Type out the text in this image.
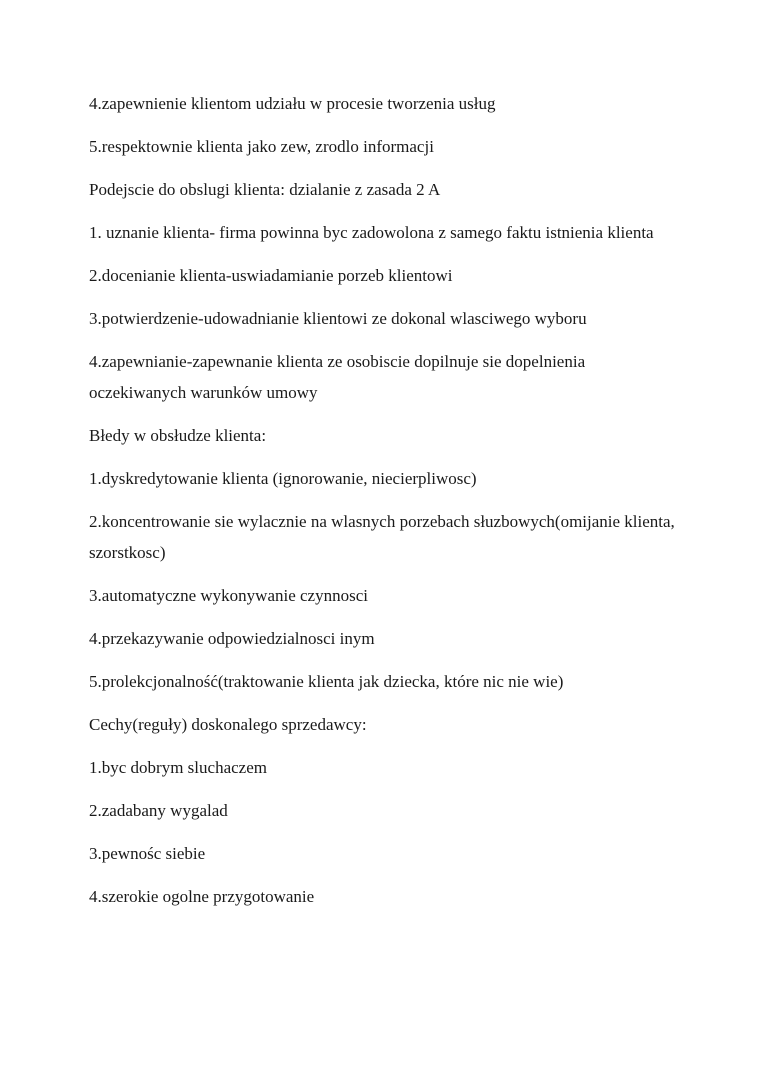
4.zapewnienie klientom udziału w procesie tworzenia usług

5.respektownie klienta jako zew, zrodlo informacji

Podejscie do obslugi klienta: dzialanie z zasada 2 A

1. uznanie klienta- firma powinna byc zadowolona z samego faktu istnienia klienta

2.docenianie klienta-uswiadamianie porzeb klientowi

3.potwierdzenie-udowadnianie klientowi ze dokonal wlasciwego wyboru

4.zapewnianie-zapewnanie klienta ze osobiscie dopilnuje sie dopelnienia oczekiwanych warunków umowy

Błedy w obsłudze klienta:

1.dyskredytowanie klienta (ignorowanie, niecierpliwosc)

2.koncentrowanie sie wylacznie na wlasnych porzebach słuzbowych(omijanie klienta, szorstkosc)

3.automatyczne wykonywanie czynnosci

4.przekazywanie odpowiedzialnosci inym

5.prolekcjonalność(traktowanie klienta jak dziecka, które nic nie wie)

Cechy(reguły) doskonalego sprzedawcy:

1.byc dobrym sluchaczem

2.zadabany wygalad

3.pewnośc siebie

4.szerokie ogolne przygotowanie
